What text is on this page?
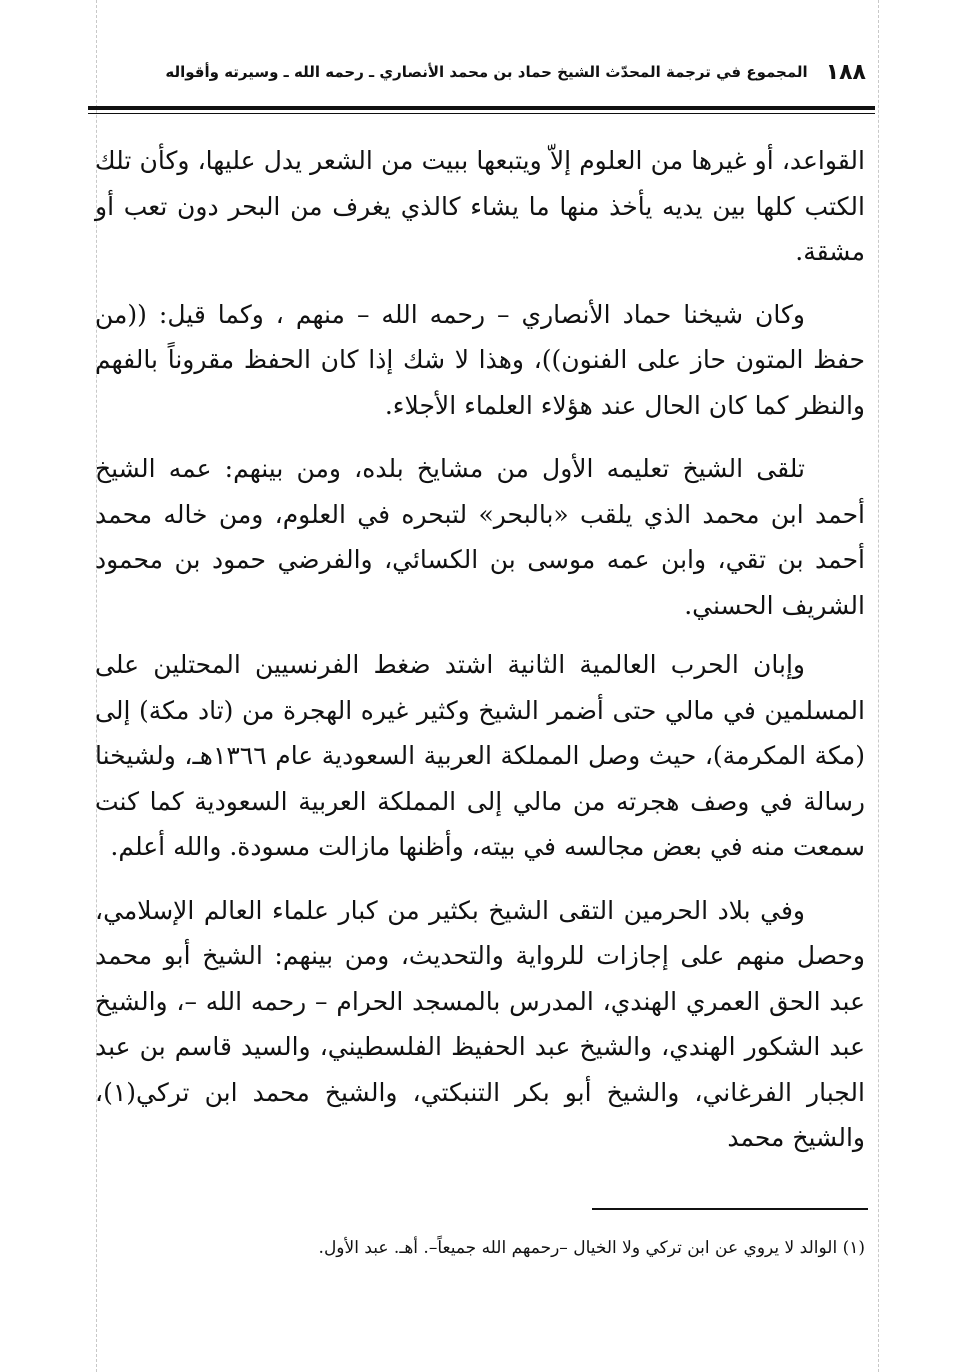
١٨٨
المجموع في ترجمة المحدّث الشيخ حماد بن محمد الأنصاري ـ رحمه الله ـ وسيرته وأقواله

القواعد، أو غيرها من العلوم إلاّ ويتبعها ببيت من الشعر يدل عليها، وكأن تلك الكتب كلها بين يديه يأخذ منها ما يشاء كالذي يغرف من البحر دون تعب أو مشقة.

وكان شيخنا حماد الأنصاري – رحمه الله – منهم ، وكما قيل: ((من حفظ المتون حاز على الفنون))، وهذا لا شك إذا كان الحفظ مقروناً بالفهم والنظر كما كان الحال عند هؤلاء العلماء الأجلاء.

تلقى الشيخ تعليمه الأول من مشايخ بلده، ومن بينهم: عمه الشيخ أحمد ابن محمد الذي يلقب «بالبحر» لتبحره في العلوم، ومن خاله محمد أحمد بن تقي، وابن عمه موسى بن الكسائي، والفرضي حمود بن محمود الشريف الحسني.

وإبان الحرب العالمية الثانية اشتد ضغط الفرنسيين المحتلين على المسلمين في مالي حتى أضمر الشيخ وكثير غيره الهجرة من (تاد مكة) إلى (مكة المكرمة)، حيث وصل المملكة العربية السعودية عام ١٣٦٦هـ، ولشيخنا رسالة في وصف هجرته من مالي إلى المملكة العربية السعودية كما كنت سمعت منه في بعض مجالسه في بيته، وأظنها مازالت مسودة. والله أعلم.

وفي بلاد الحرمين التقى الشيخ بكثير من كبار علماء العالم الإسلامي، وحصل منهم على إجازات للرواية والتحديث، ومن بينهم: الشيخ أبو محمد عبد الحق العمري الهندي، المدرس بالمسجد الحرام – رحمه الله –، والشيخ عبد الشكور الهندي، والشيخ عبد الحفيظ الفلسطيني، والسيد قاسم بن عبد الجبار الفرغاني، والشيخ أبو بكر التنبكتي، والشيخ محمد ابن تركي(١)، والشيخ محمد

(١) الوالد لا يروي عن ابن تركي ولا الخيال –رحمهم الله جميعاً–. أهـ. عبد الأول.
